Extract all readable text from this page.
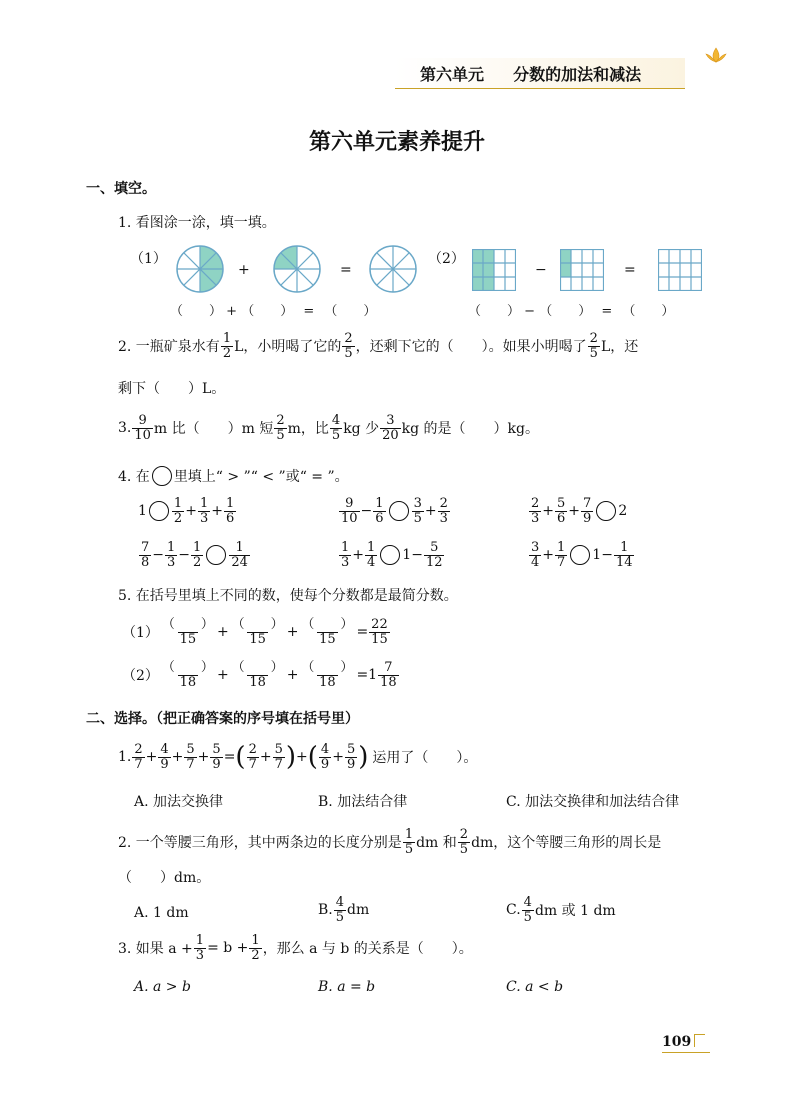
第六单元 分数的加法和减法
第六单元素养提升
一、填空。
1. 看图涂一涂，填一填。
（1）
+	=
（2）
−	=
（　　） + （　　） = （　　）	（　　） − （　　） = （　　）
2. 一瓶矿泉水有 $\frac{1}{2}$ L，小明喝了它的 $\frac{2}{5}$ ，还剩下它的（　　）。如果小明喝了 $\frac{2}{5}$ L，还
剩下（　　）L。
3. $\frac{9}{10}$ m 比（　　）m 短 $\frac{2}{5}$ m，比 $\frac{4}{5}$ kg 少 $\frac{3}{20}$ kg 的是（　　）kg。
4. 在 里填上“ > ”“ < ”或“ = ”。
$1 \frac{1}{2} + \frac{1}{3} + \frac{1}{6}$	$\frac{9}{10} - \frac{1}{6} \frac{3}{5} + \frac{2}{3}$	$\frac{2}{3} + \frac{5}{6} + \frac{7}{9} 2$
$\frac{7}{8} - \frac{1}{3} - \frac{1}{2} \frac{1}{24}$	$\frac{1}{3} + \frac{1}{4} 1- \frac{5}{12}$	$\frac{3}{4} + \frac{1}{7} 1- \frac{1}{14}$
5. 在括号里填上不同的数，使每个分数都是最简分数。
$(1) \frac{( )}{15} + \frac{( )}{15} + \frac{( )}{15} = \frac{22}{15}$
$(2) \frac{( )}{18} + \frac{( )}{18} + \frac{( )}{18} =1 \frac{7}{18}$
二、选择。（把正确答案的序号填在括号里）
1. $\frac{2}{7} + \frac{4}{9} + \frac{5}{7} + \frac{5}{9}$ = ( $\frac{2}{7} + \frac{5}{7}$ ) + ( $\frac{4}{9} + \frac{5}{9}$ ) 运用了（　　）。
A. 加法交换律	B. 加法结合律	C. 加法交换律和加法结合律
2. 一个等腰三角形，其中两条边的长度分别是 $\frac{1}{5}$ dm 和 $\frac{2}{5}$ dm，这个等腰三角形的周长是
（　　）dm。
A. 1 dm	B. $\frac{4}{5}$ dm	C. $\frac{4}{5}$ dm 或 1 dm
3. 如果 $a + \frac{1}{3} = b + \frac{1}{2}$ ，那么 a 与 b 的关系是（　　）。
A. a > b	B. a = b	C. a < b
109
